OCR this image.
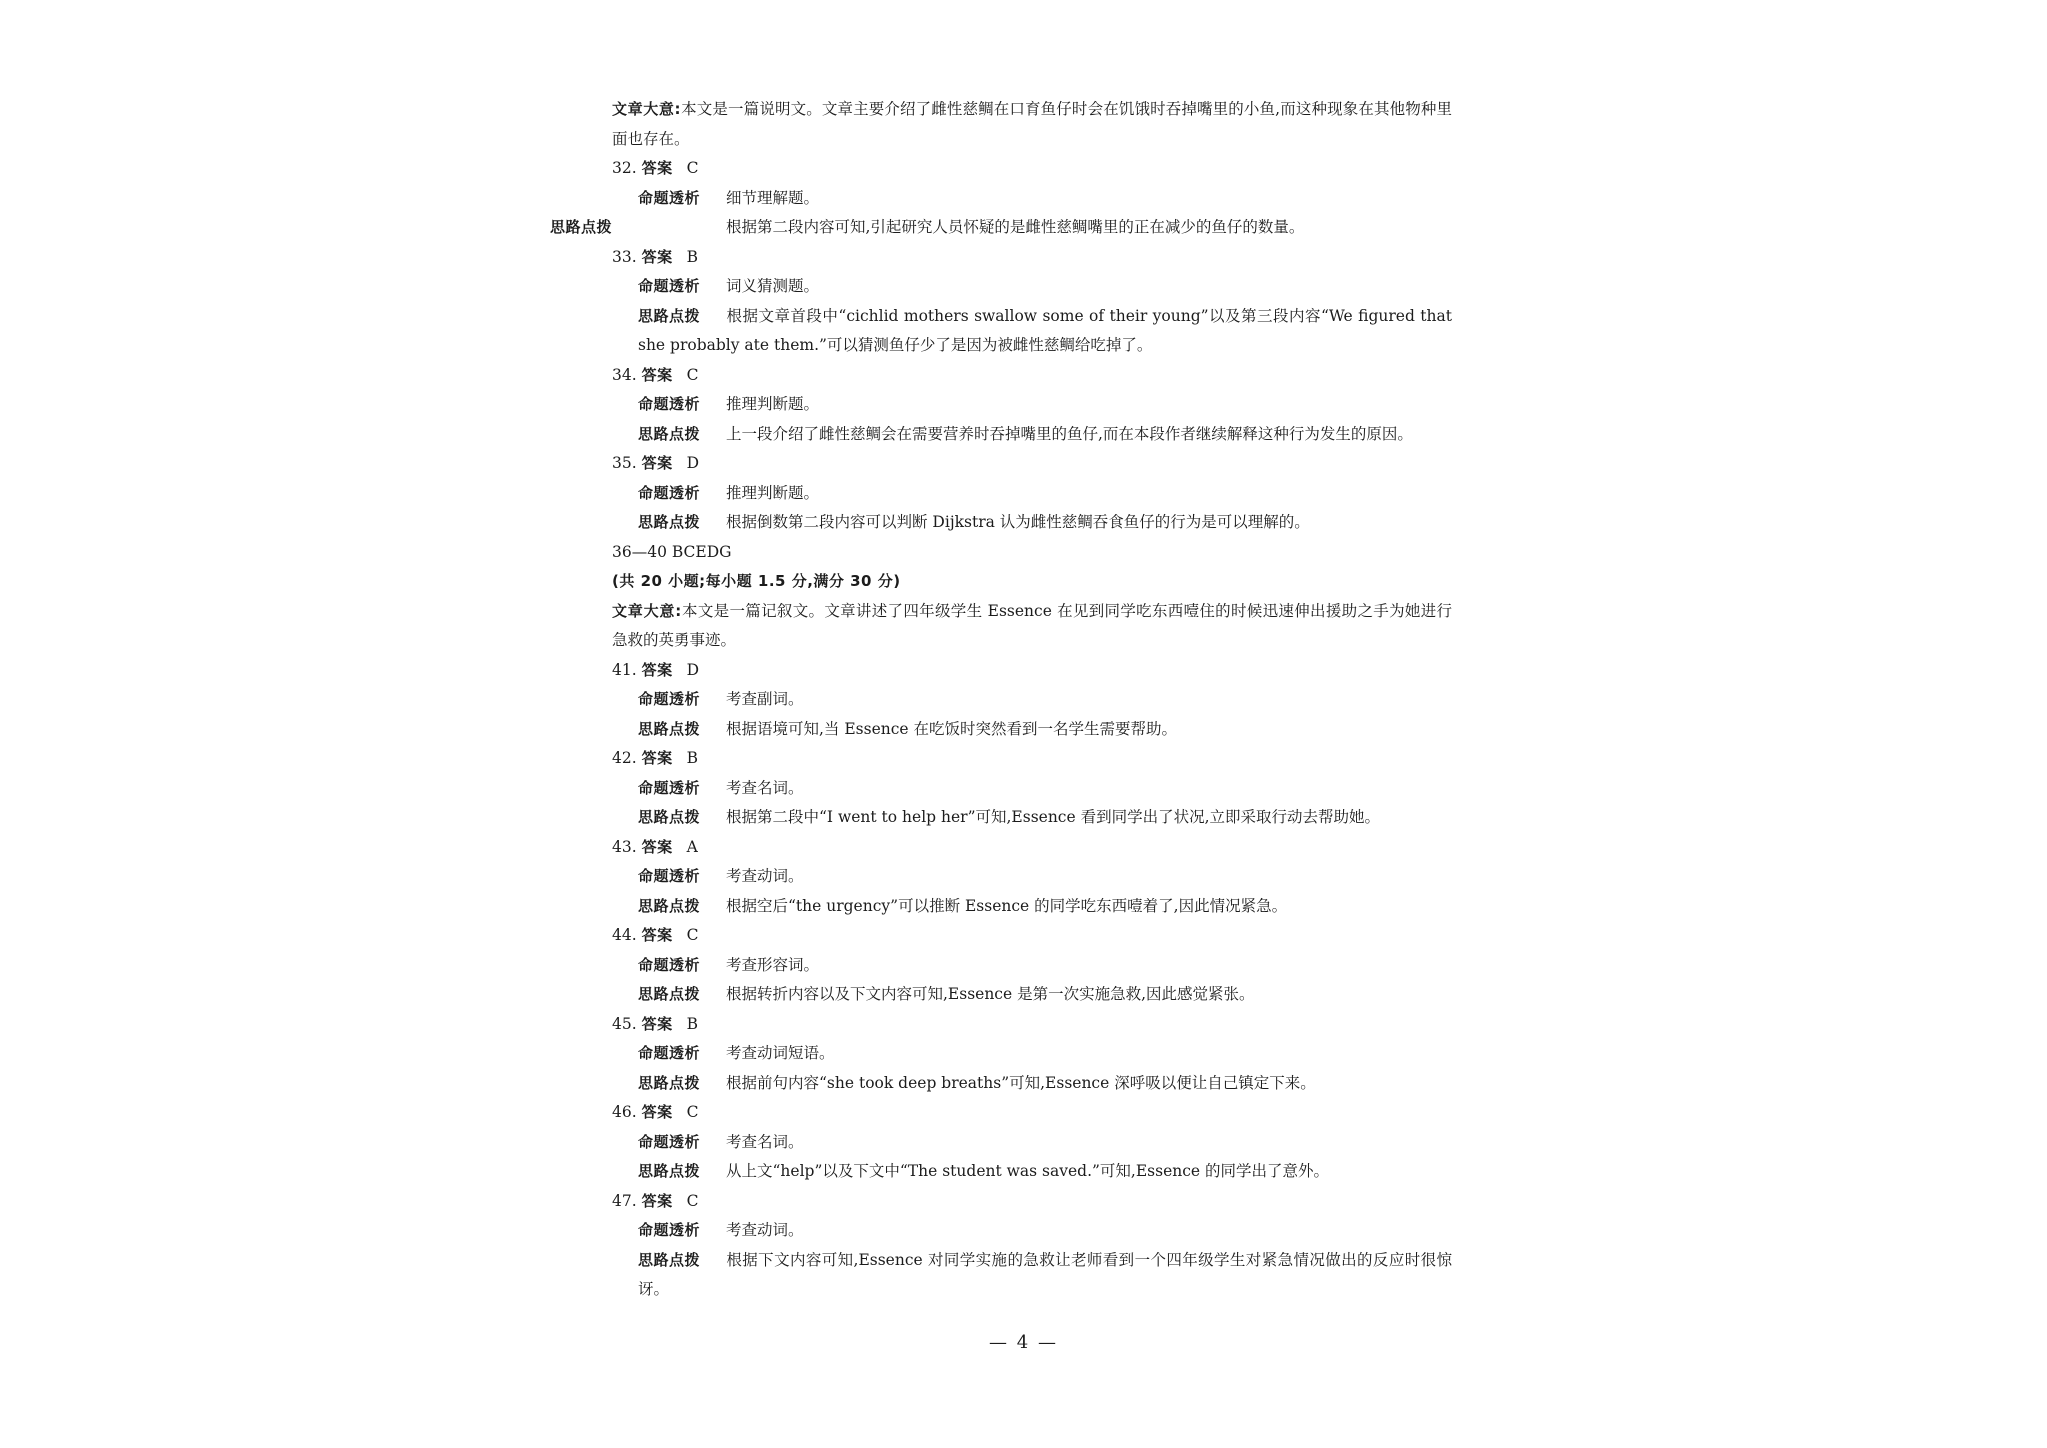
文章大意:本文是一篇说明文。文章主要介绍了雌性慈鲷在口育鱼仔时会在饥饿时吞掉嘴里的小鱼,而这种现象在其他物种里面也存在。
32. 答案 C
命题透析 细节理解题。
思路点拨	根据第二段内容可知,引起研究人员怀疑的是雌性慈鲷嘴里的正在减少的鱼仔的数量。
33. 答案 B
命题透析 词义猜测题。
思路点拨 根据文章首段中“cichlid mothers swallow some of their young”以及第三段内容“We figured that she probably ate them.”可以猜测鱼仔少了是因为被雌性慈鲷给吃掉了。
34. 答案 C
命题透析 推理判断题。
思路点拨 上一段介绍了雌性慈鲷会在需要营养时吞掉嘴里的鱼仔,而在本段作者继续解释这种行为发生的原因。
35. 答案 D
命题透析 推理判断题。
思路点拨 根据倒数第二段内容可以判断 Dijkstra 认为雌性慈鲷吞食鱼仔的行为是可以理解的。
36—40 BCEDG
(共 20 小题;每小题 1.5 分,满分 30 分)
文章大意:本文是一篇记叙文。文章讲述了四年级学生 Essence 在见到同学吃东西噎住的时候迅速伸出援助之手为她进行急救的英勇事迹。
41. 答案 D
命题透析 考查副词。
思路点拨 根据语境可知,当 Essence 在吃饭时突然看到一名学生需要帮助。
42. 答案 B
命题透析 考查名词。
思路点拨 根据第二段中“I went to help her”可知,Essence 看到同学出了状况,立即采取行动去帮助她。
43. 答案 A
命题透析 考查动词。
思路点拨 根据空后“the urgency”可以推断 Essence 的同学吃东西噎着了,因此情况紧急。
44. 答案 C
命题透析 考查形容词。
思路点拨 根据转折内容以及下文内容可知,Essence 是第一次实施急救,因此感觉紧张。
45. 答案 B
命题透析 考查动词短语。
思路点拨 根据前句内容“she took deep breaths”可知,Essence 深呼吸以便让自己镇定下来。
46. 答案 C
命题透析 考查名词。
思路点拨 从上文“help”以及下文中“The student was saved.”可知,Essence 的同学出了意外。
47. 答案 C
命题透析 考查动词。
思路点拨 根据下文内容可知,Essence 对同学实施的急救让老师看到一个四年级学生对紧急情况做出的反应时很惊讶。
— 4 —
